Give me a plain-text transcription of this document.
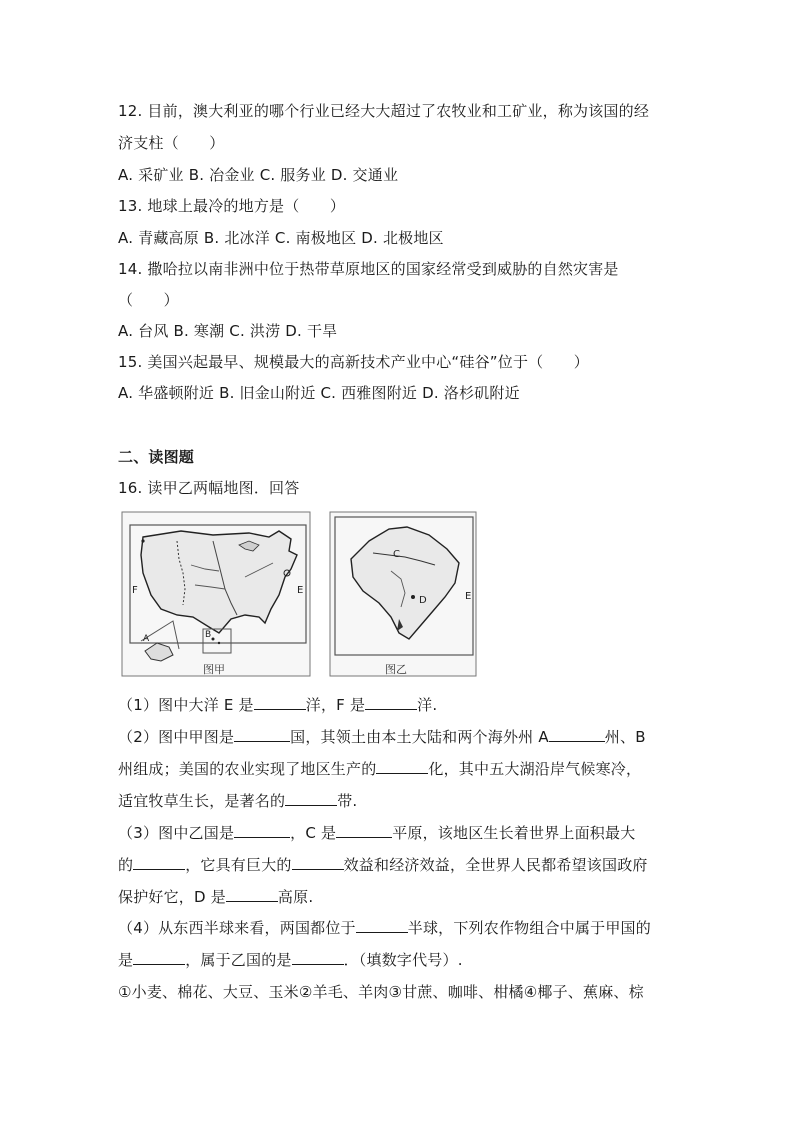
12. 目前，澳大利亚的哪个行业已经大大超过了农牧业和工矿业，称为该国的经
济支柱（　　）
A. 采矿业 B. 冶金业 C. 服务业 D. 交通业
13. 地球上最冷的地方是（　　）
A. 青藏高原 B. 北冰洋 C. 南极地区 D. 北极地区
14. 撒哈拉以南非洲中位于热带草原地区的国家经常受到威胁的自然灾害是
（　　）
A. 台风 B. 寒潮 C. 洪涝 D. 干旱
15. 美国兴起最早、规模最大的高新技术产业中心“硅谷”位于（　　）
A. 华盛顿附近 B. 旧金山附近 C. 西雅图附近 D. 洛杉矶附近
二、读图题
16. 读甲乙两幅地图．回答
E
F
A	B
图甲
C
D	E
图乙
（1）图中大洋 E 是	洋，F 是	洋.
（2）图中甲图是	国，其领土由本土大陆和两个海外州 A	州、B
州组成；美国的农业实现了地区生产的	化，其中五大湖沿岸气候寒冷，
适宜牧草生长，是著名的	带.
（3）图中乙国是	，C 是	平原，该地区生长着世界上面积最大
的	，它具有巨大的	效益和经济效益，全世界人民都希望该国政府
保护好它，D 是	高原.
（4）从东西半球来看，两国都位于	半球，下列农作物组合中属于甲国的
是	，属于乙国的是	．（填数字代号）.
①小麦、棉花、大豆、玉米②羊毛、羊肉③甘蔗、咖啡、柑橘④椰子、蕉麻、棕
